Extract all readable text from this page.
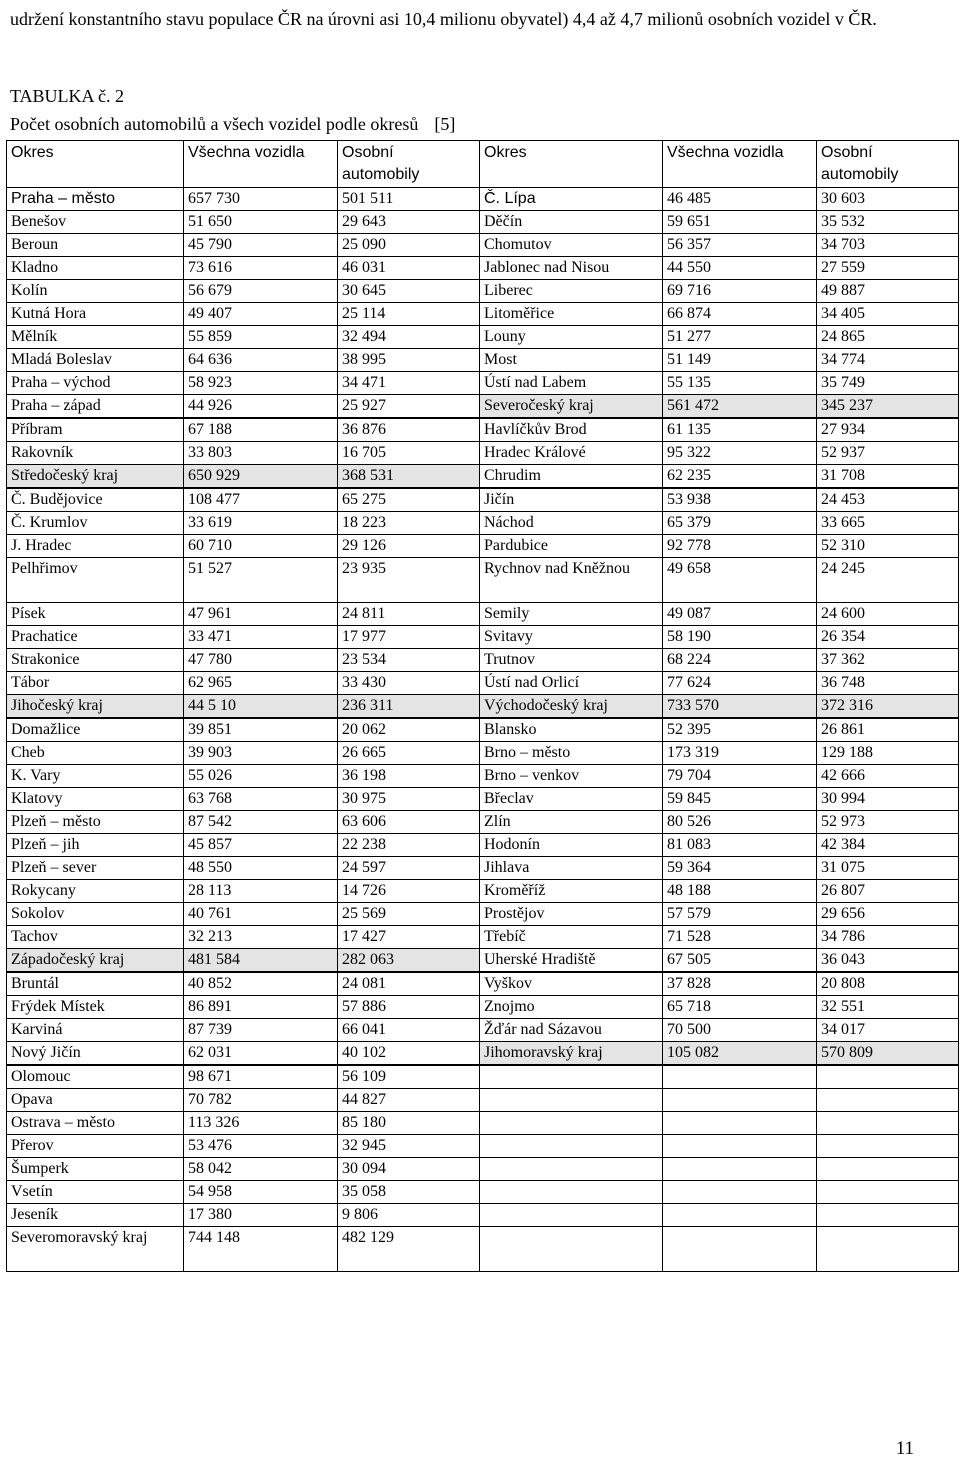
udržení konstantního stavu populace ČR na úrovni asi 10,4 milionu obyvatel) 4,4 až 4,7 milionů osobních vozidel v ČR.
TABULKA č. 2
Počet osobních automobilů a všech vozidel podle okresů [5]
Okres	Všechna vozidla	Osobní automobily	Okres	Všechna vozidla	Osobní automobily
Praha – město	657 730	501 511	Č. Lípa	46 485	30 603
Benešov	51 650	29 643	Děčín	59 651	35 532
Beroun	45 790	25 090	Chomutov	56 357	34 703
Kladno	73 616	46 031	Jablonec nad Nisou	44 550	27 559
Kolín	56 679	30 645	Liberec	69 716	49 887
Kutná Hora	49 407	25 114	Litoměřice	66 874	34 405
Mělník	55 859	32 494	Louny	51 277	24 865
Mladá Boleslav	64 636	38 995	Most	51 149	34 774
Praha – východ	58 923	34 471	Ústí nad Labem	55 135	35 749
Praha – západ	44 926	25 927	Severočeský kraj	561 472	345 237
Příbram	67 188	36 876	Havlíčkův Brod	61 135	27 934
Rakovník	33 803	16 705	Hradec Králové	95 322	52 937
Středočeský kraj	650 929	368 531	Chrudim	62 235	31 708
Č. Budějovice	108 477	65 275	Jičín	53 938	24 453
Č. Krumlov	33 619	18 223	Náchod	65 379	33 665
J. Hradec	60 710	29 126	Pardubice	92 778	52 310
Pelhřimov	51 527	23 935	Rychnov nad Kněžnou	49 658	24 245
Písek	47 961	24 811	Semily	49 087	24 600
Prachatice	33 471	17 977	Svitavy	58 190	26 354
Strakonice	47 780	23 534	Trutnov	68 224	37 362
Tábor	62 965	33 430	Ústí nad Orlicí	77 624	36 748
Jihočeský kraj	44 5 10	236 311	Východočeský kraj	733 570	372 316
Domažlice	39 851	20 062	Blansko	52 395	26 861
Cheb	39 903	26 665	Brno – město	173 319	129 188
K. Vary	55 026	36 198	Brno – venkov	79 704	42 666
Klatovy	63 768	30 975	Břeclav	59 845	30 994
Plzeň – město	87 542	63 606	Zlín	80 526	52 973
Plzeň – jih	45 857	22 238	Hodonín	81 083	42 384
Plzeň – sever	48 550	24 597	Jihlava	59 364	31 075
Rokycany	28 113	14 726	Kroměříž	48 188	26 807
Sokolov	40 761	25 569	Prostějov	57 579	29 656
Tachov	32 213	17 427	Třebíč	71 528	34 786
Západočeský kraj	481 584	282 063	Uherské Hradiště	67 505	36 043
Bruntál	40 852	24 081	Vyškov	37 828	20 808
Frýdek Místek	86 891	57 886	Znojmo	65 718	32 551
Karviná	87 739	66 041	Žďár nad Sázavou	70 500	34 017
Nový Jičín	62 031	40 102	Jihomoravský kraj	105 082	570 809
Olomouc	98 671	56 109			
Opava	70 782	44 827			
Ostrava – město	113 326	85 180			
Přerov	53 476	32 945			
Šumperk	58 042	30 094			
Vsetín	54 958	35 058			
Jeseník	17 380	9 806			
Severomoravský kraj	744 148	482 129			
11
